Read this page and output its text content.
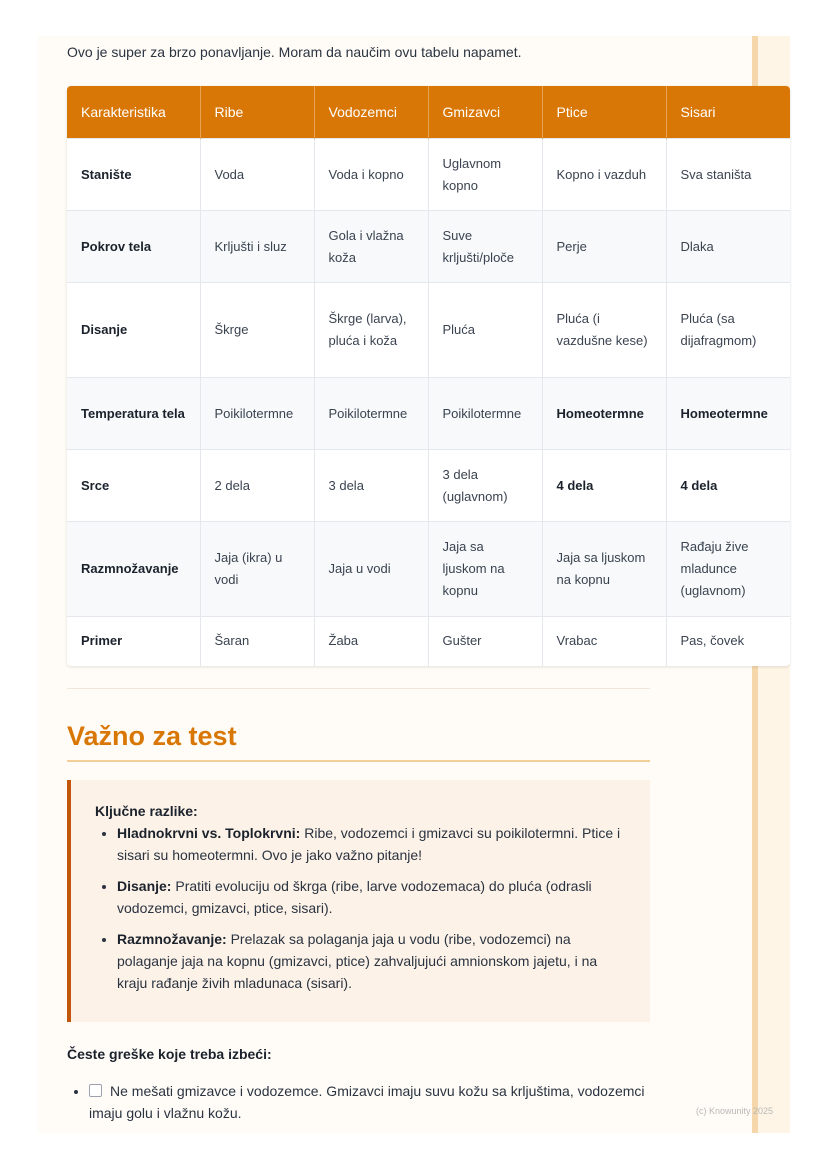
Ovo je super za brzo ponavljanje. Moram da naučim ovu tabelu napamet.
Karakteristika	Ribe	Vodozemci	Gmizavci	Ptice	Sisari
Stanište	Voda	Voda i kopno	Uglavnom kopno	Kopno i vazduh	Sva staništa
Pokrov tela	Krljušti i sluz	Gola i vlažna koža	Suve krljušti/ploče	Perje	Dlaka
Disanje	Škrge	Škrge (larva), pluća i koža	Pluća	Pluća (i vazdušne kese)	Pluća (sa dijafragmom)
Temperatura tela	Poikilotermne	Poikilotermne	Poikilotermne	Homeotermne	Homeotermne
Srce	2 dela	3 dela	3 dela (uglavnom)	4 dela	4 dela
Razmnožavanje	Jaja (ikra) u vodi	Jaja u vodi	Jaja sa ljuskom na kopnu	Jaja sa ljuskom na kopnu	Rađaju žive mladunce (uglavnom)
Primer	Šaran	Žaba	Gušter	Vrabac	Pas, čovek
Važno za test
Ključne razlike:
• Hladnokrvni vs. Toplokrvni: Ribe, vodozemci i gmizavci su poikilotermni. Ptice i sisari su homeotermni. Ovo je jako važno pitanje!
• Disanje: Pratiti evoluciju od škrga (ribe, larve vodozemaca) do pluća (odrasli vodozemci, gmizavci, ptice, sisari).
• Razmnožavanje: Prelazak sa polaganja jaja u vodu (ribe, vodozemci) na polaganje jaja na kopnu (gmizavci, ptice) zahvaljujući amnionskom jajetu, i na kraju rađanje živih mladunaca (sisari).
Česte greške koje treba izbeći:
• Ne mešati gmizavce i vodozemce. Gmizavci imaju suvu kožu sa krljuštima, vodozemci imaju golu i vlažnu kožu.	(c) Knowunity 2025
